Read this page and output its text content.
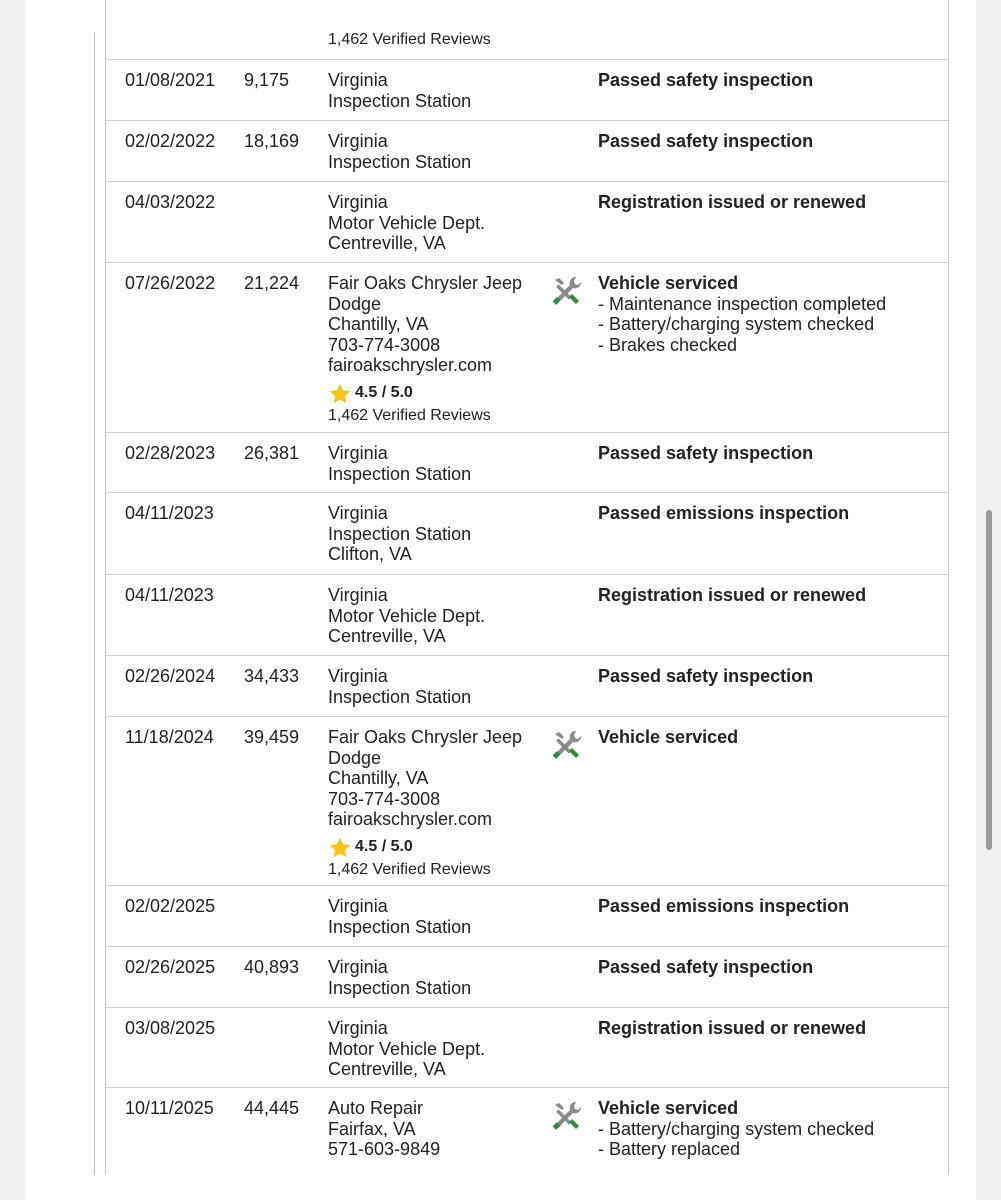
1,462 Verified Reviews
01/08/2021 9,175 Virginia
Inspection Station
Passed safety inspection
02/02/2022 18,169 Virginia
Inspection Station
Passed safety inspection
04/03/2022	Virginia
Motor Vehicle Dept.
Centreville, VA
Registration issued or renewed
07/26/2022 21,224 Fair Oaks Chrysler Jeep
Dodge
Chantilly, VA
703-774-3008
fairoakschrysler.com
4.5 / 5.0
1,462 Verified Reviews
Vehicle serviced
- Maintenance inspection completed
- Battery/charging system checked
- Brakes checked
02/28/2023 26,381 Virginia
Inspection Station
Passed safety inspection
04/11/2023	Virginia
Inspection Station
Clifton, VA
Passed emissions inspection
04/11/2023	Virginia
Motor Vehicle Dept.
Centreville, VA
Registration issued or renewed
02/26/2024 34,433 Virginia
Inspection Station
Passed safety inspection
11/18/2024 39,459 Fair Oaks Chrysler Jeep
Dodge
Chantilly, VA
703-774-3008
fairoakschrysler.com
4.5 / 5.0
1,462 Verified Reviews
Vehicle serviced
02/02/2025	Virginia
Inspection Station
Passed emissions inspection
02/26/2025 40,893 Virginia
Inspection Station
Passed safety inspection
03/08/2025	Virginia
Motor Vehicle Dept.
Centreville, VA
Registration issued or renewed
10/11/2025 44,445 Auto Repair
Fairfax, VA
571-603-9849
Vehicle serviced
- Battery/charging system checked
- Battery replaced
